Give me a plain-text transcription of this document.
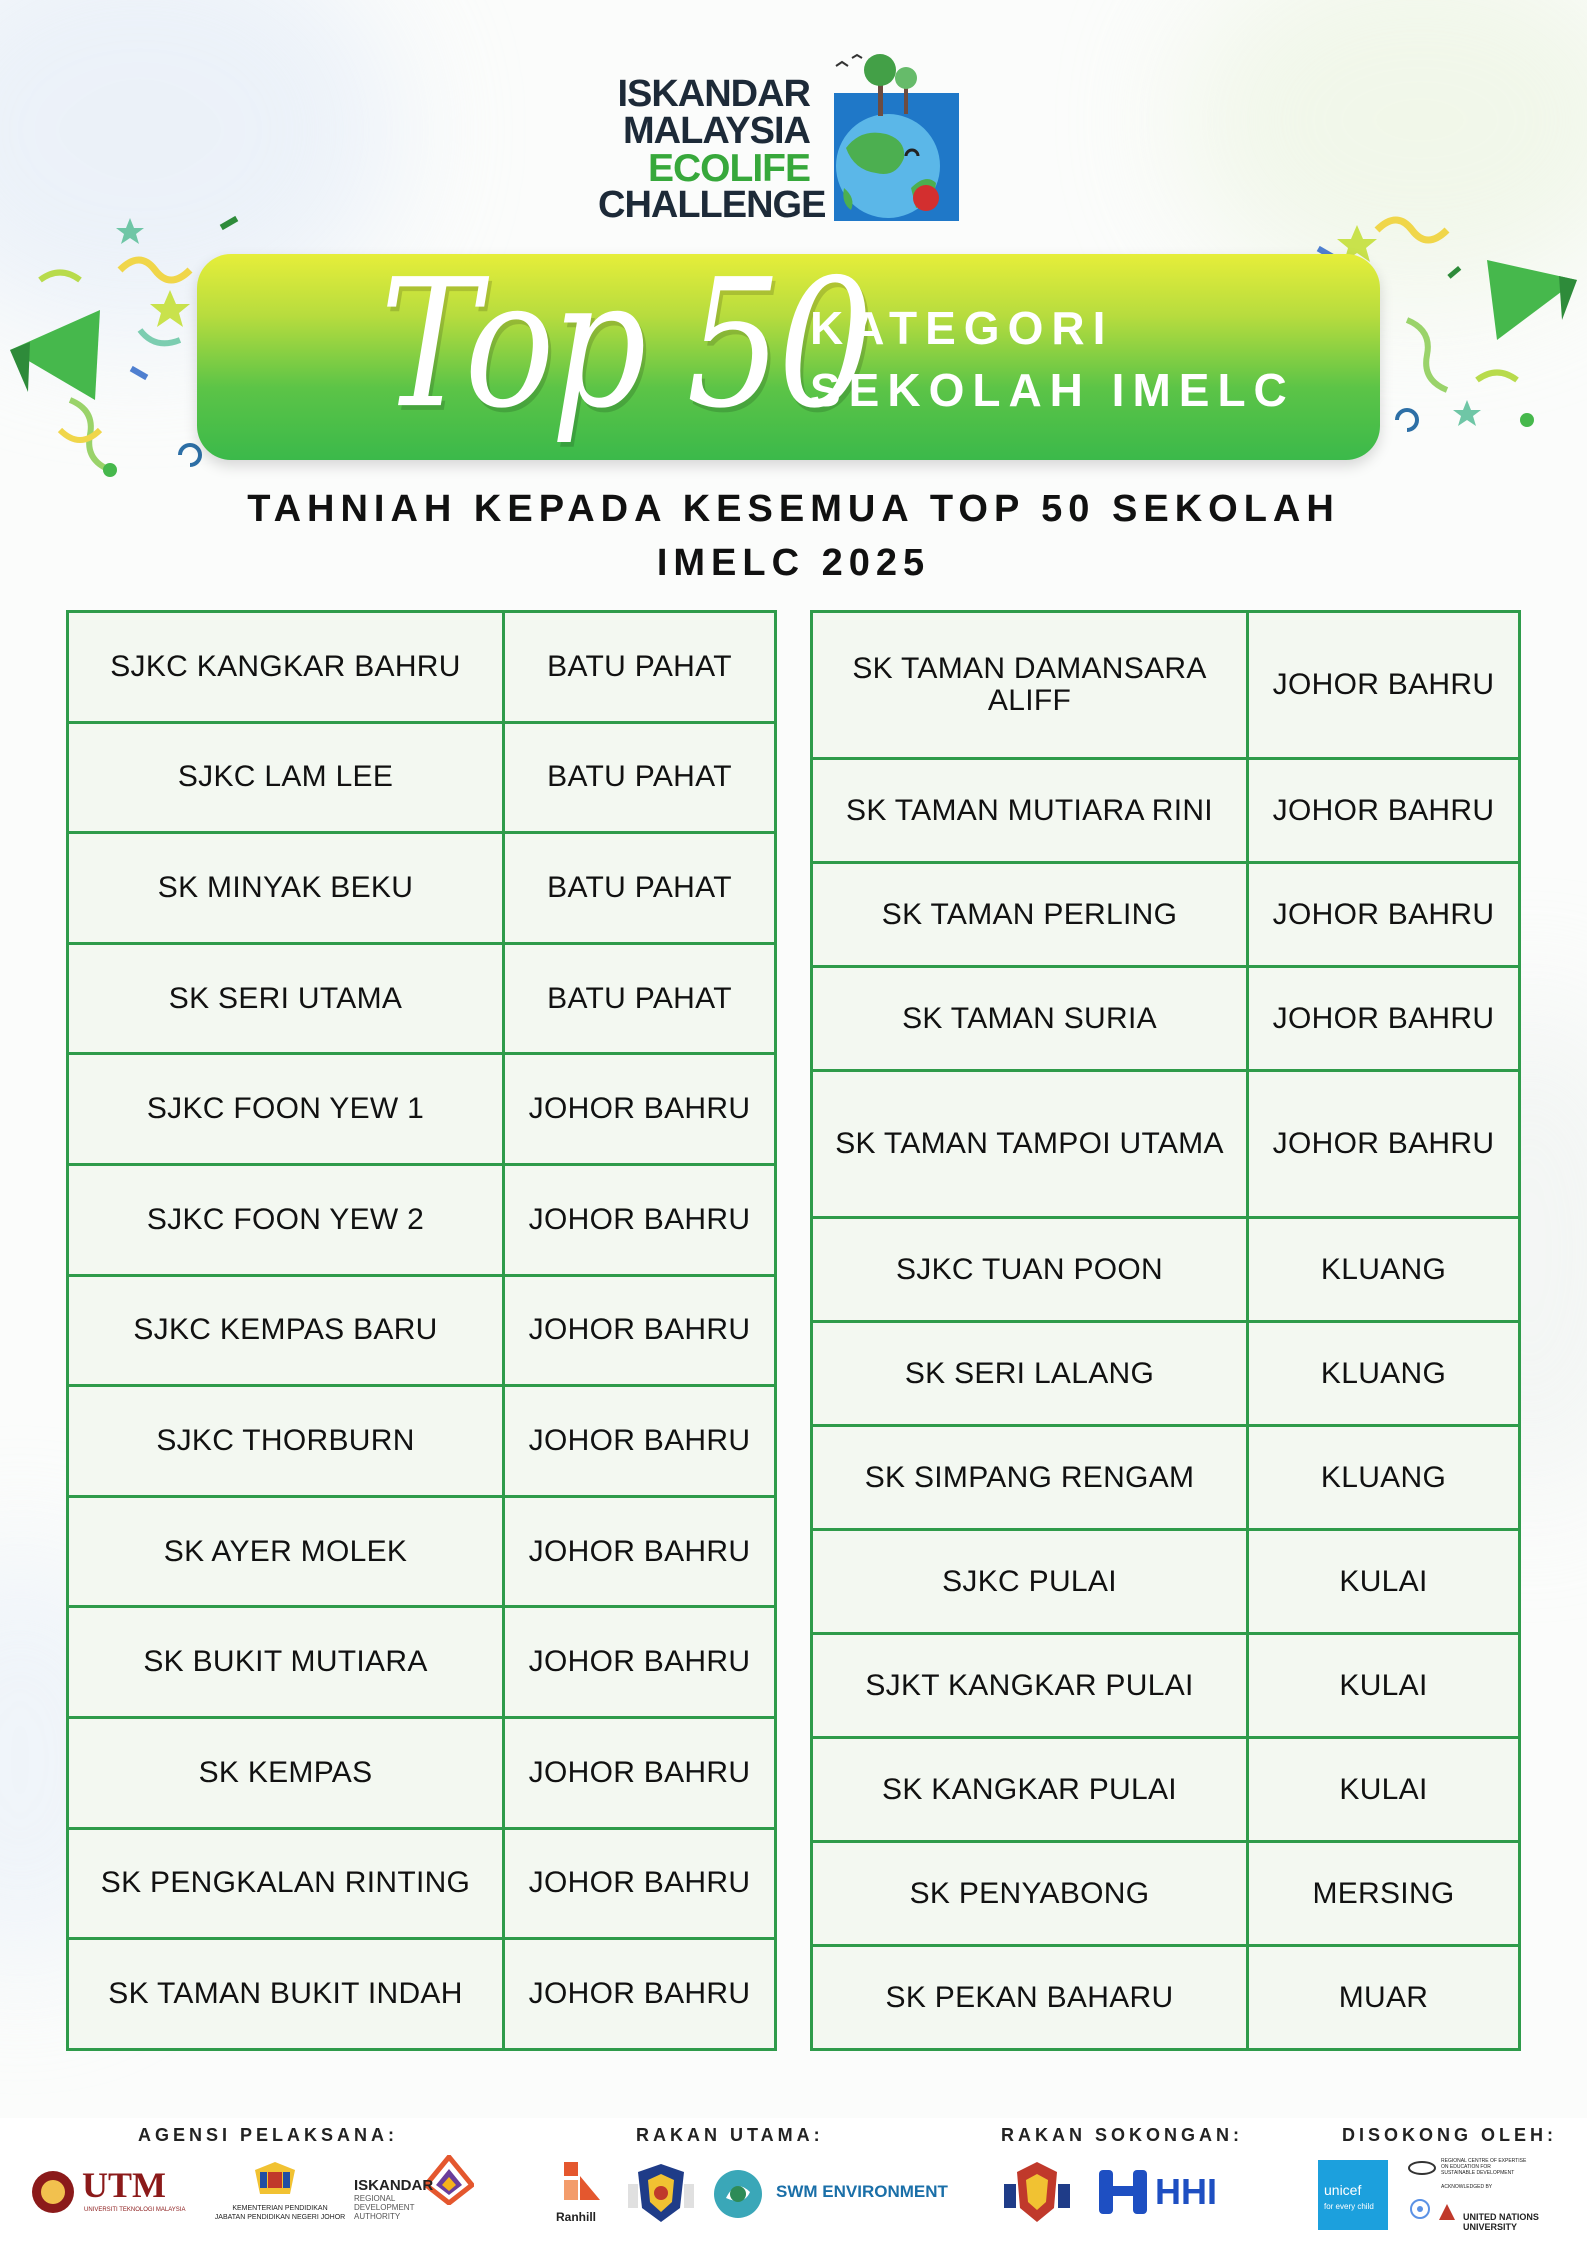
ISKANDAR
MALAYSIA
ECOLIFE
CHALLENGE
Top 50
KATEGORI
SEKOLAH IMELC
TAHNIAH KEPADA KESEMUA TOP 50 SEKOLAH
IMELC 2025
SJKC KANGKAR BAHRU	BATU PAHAT
SJKC LAM LEE	BATU PAHAT
SK MINYAK BEKU	BATU PAHAT
SK SERI UTAMA	BATU PAHAT
SJKC FOON YEW 1	JOHOR BAHRU
SJKC FOON YEW 2	JOHOR BAHRU
SJKC KEMPAS BARU	JOHOR BAHRU
SJKC THORBURN	JOHOR BAHRU
SK AYER MOLEK	JOHOR BAHRU
SK BUKIT MUTIARA	JOHOR BAHRU
SK KEMPAS	JOHOR BAHRU
SK PENGKALAN RINTING	JOHOR BAHRU
SK TAMAN BUKIT INDAH	JOHOR BAHRU
SK TAMAN DAMANSARA ALIFF	JOHOR BAHRU
SK TAMAN MUTIARA RINI	JOHOR BAHRU
SK TAMAN PERLING	JOHOR BAHRU
SK TAMAN SURIA	JOHOR BAHRU
SK TAMAN TAMPOI UTAMA	JOHOR BAHRU
SJKC TUAN POON	KLUANG
SK SERI LALANG	KLUANG
SK SIMPANG RENGAM	KLUANG
SJKC PULAI	KULAI
SJKT KANGKAR PULAI	KULAI
SK KANGKAR PULAI	KULAI
SK PENYABONG	MERSING
SK PEKAN BAHARU	MUAR
AGENSI PELAKSANA:	RAKAN UTAMA:	RAKAN SOKONGAN:	DISOKONG OLEH:
UTM
UNIVERSITI TEKNOLOGI MALAYSIA	KEMENTERIAN PENDIDIKAN
JABATAN PENDIDIKAN NEGERI JOHOR
ISKANDAR
REGIONAL
DEVELOPMENT
AUTHORITY	Ranhill
SWM ENVIRONMENT	HHI	unicef
for every child
REGIONAL CENTRE OF EXPERTISE
ON EDUCATION FOR
SUSTAINABLE DEVELOPMENT
ACKNOWLEDGED BY
UNITED NATIONS
UNIVERSITY
